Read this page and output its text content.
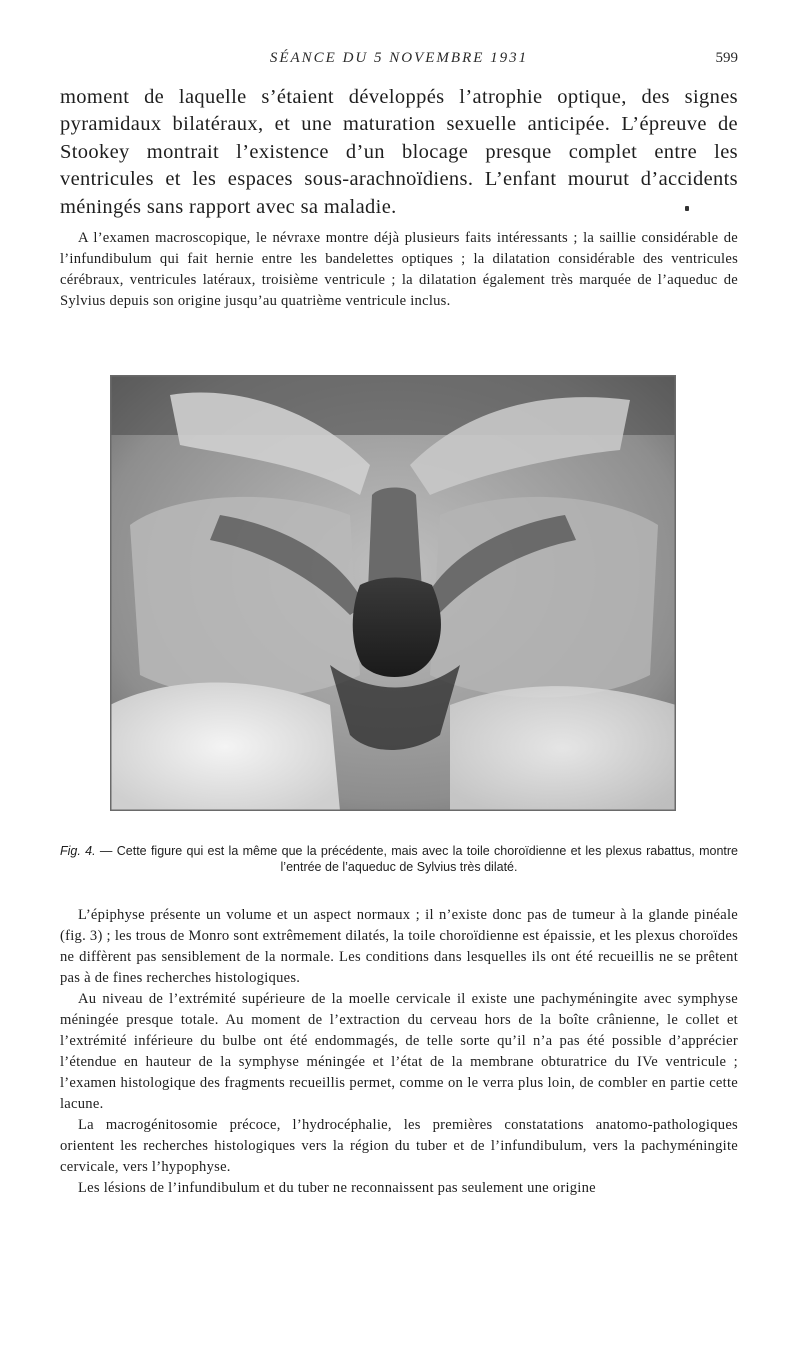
SÉANCE DU 5 NOVEMBRE 1931	599

moment de laquelle s’étaient développés l’atrophie optique, des signes pyramidaux bilatéraux, et une maturation sexuelle anticipée. L’épreuve de Stookey montrait l’existence d’un blocage presque complet entre les ventricules et les espaces sous-arachnoïdiens. L’enfant mourut d’accidents méningés sans rapport avec sa maladie.

A l’examen macroscopique, le névraxe montre déjà plusieurs faits intéressants ; la saillie considérable de l’infundibulum qui fait hernie entre les bandelettes optiques ; la dilatation considérable des ventricules cérébraux, ventricules latéraux, troisième ventricule ; la dilatation également très marquée de l’aqueduc de Sylvius depuis son origine jusqu’au quatrième ventricule inclus.

Fig. 4. — Cette figure qui est la même que la précédente, mais avec la toile choroïdienne et les plexus rabattus, montre l’entrée de l’aqueduc de Sylvius très dilaté.

L’épiphyse présente un volume et un aspect normaux ; il n’existe donc pas de tumeur à la glande pinéale (fig. 3) ; les trous de Monro sont extrêmement dilatés, la toile choroïdienne est épaissie, et les plexus choroïdes ne diffèrent pas sensiblement de la normale. Les conditions dans lesquelles ils ont été recueillis ne se prêtent pas à de fines recherches histologiques.

Au niveau de l’extrémité supérieure de la moelle cervicale il existe une pachyméningite avec symphyse méningée presque totale. Au moment de l’extraction du cerveau hors de la boîte crânienne, le collet et l’extrémité inférieure du bulbe ont été endommagés, de telle sorte qu’il n’a pas été possible d’apprécier l’étendue en hauteur de la symphyse méningée et l’état de la membrane obturatrice du IVe ventricule ; l’examen histologique des fragments recueillis permet, comme on le verra plus loin, de combler en partie cette lacune.

La macrogénitosomie précoce, l’hydrocéphalie, les premières constatations anatomo-pathologiques orientent les recherches histologiques vers la région du tuber et de l’infundibulum, vers la pachyméningite cervicale, vers l’hypophyse.

Les lésions de l’infundibulum et du tuber ne reconnaissent pas seulement une origine
